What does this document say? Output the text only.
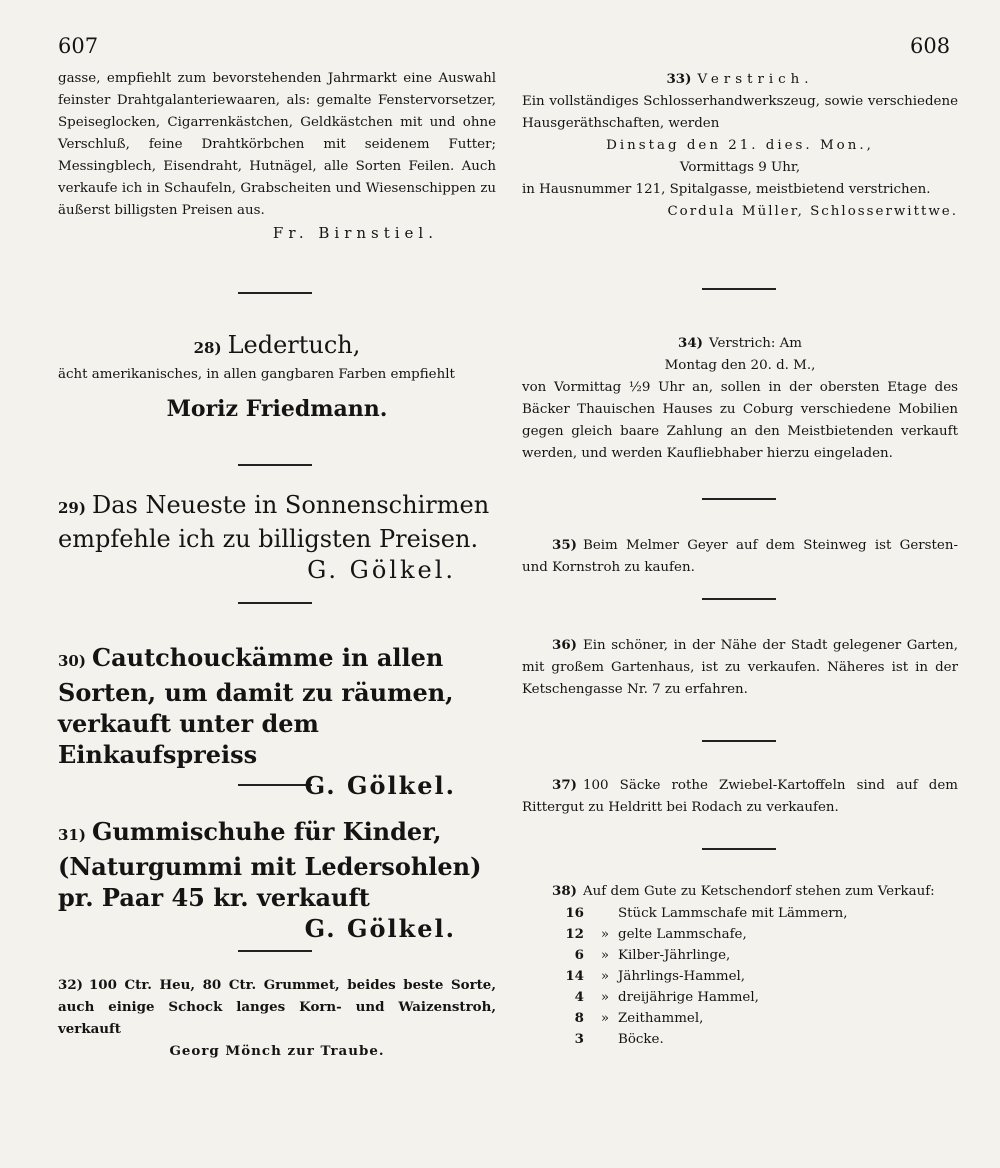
607	608

gasse, empfiehlt zum bevorstehenden Jahrmarkt eine Auswahl feinster Drahtgalanteriewaaren, als: gemalte Fenstervorsetzer, Speiseglocken, Cigarrenkästchen, Geldkästchen mit und ohne Verschluß, feine Drahtkörbchen mit seidenem Futter; Messingblech, Eisendraht, Hutnägel, alle Sorten Feilen. Auch verkaufe ich in Schaufeln, Grabscheiten und Wiesenschippen zu äußerst billigsten Preisen aus.

Fr. Birnstiel.

28) Ledertuch,

ächt amerikanisches, in allen gangbaren Farben empfiehlt

Moriz Friedmann.

29) Das Neueste in Sonnenschirmen empfehle ich zu billigsten Preisen.

G. Gölkel.

30) Cautchouckämme in allen Sorten, um damit zu räumen, verkauft unter dem Einkaufspreiss

G. Gölkel.

31) Gummischuhe für Kinder, (Naturgummi mit Ledersohlen) pr. Paar 45 kr. verkauft

G. Gölkel.

32) 100 Ctr. Heu, 80 Ctr. Grummet, beides beste Sorte, auch einige Schock langes Korn- und Waizenstroh, verkauft

Georg Mönch zur Traube.

33) Verstrich.

Ein vollständiges Schlosserhandwerkszeug, sowie verschiedene Hausgeräthschaften, werden

Dinstag den 21. dies. Mon.,

Vormittags 9 Uhr,

in Hausnummer 121, Spitalgasse, meistbietend verstrichen.

Cordula Müller, Schlosserwittwe.

34) Verstrich: Am

Montag den 20. d. M.,

von Vormittag ½9 Uhr an, sollen in der obersten Etage des Bäcker Thauischen Hauses zu Coburg verschiedene Mobilien gegen gleich baare Zahlung an den Meistbietenden verkauft werden, und werden Kaufliebhaber hierzu eingeladen.

35) Beim Melmer Geyer auf dem Steinweg ist Gersten- und Kornstroh zu kaufen.

36) Ein schöner, in der Nähe der Stadt gelegener Garten, mit großem Gartenhaus, ist zu verkaufen. Näheres ist in der Ketschengasse Nr. 7 zu erfahren.

37) 100 Säcke rothe Zwiebel-Kartoffeln sind auf dem Rittergut zu Heldritt bei Rodach zu verkaufen.

38) Auf dem Gute zu Ketschendorf stehen zum Verkauf:

16	Stück Lammschafe mit Lämmern,
12	» gelte Lammschafe,
6	» Kilber-Jährlinge,
14	» Jährlings-Hammel,
4	» dreijährige Hammel,
8	» Zeithammel,
3	Böcke.
